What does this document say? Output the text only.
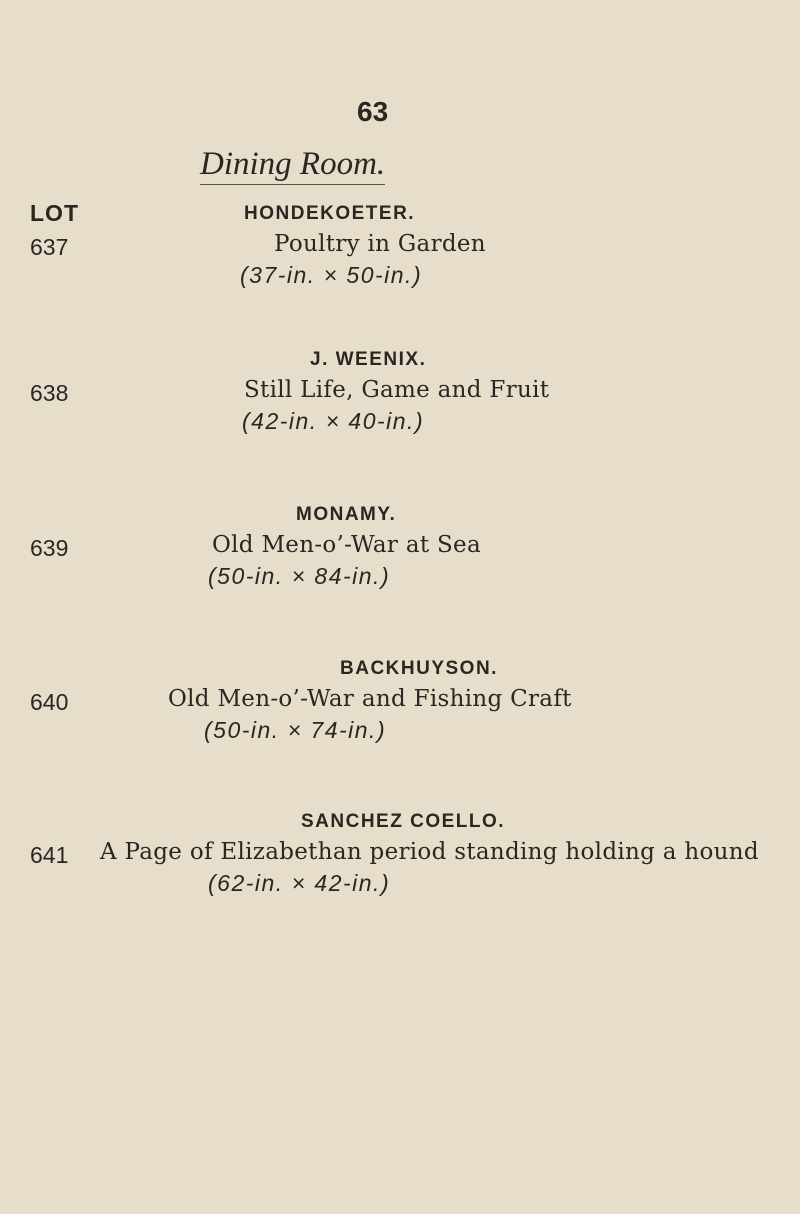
63
Dining Room.
LOT
637
HONDEKOETER.
Poultry in Garden
(37-in. × 50-in.)
638
J. WEENIX.
Still Life, Game and Fruit
(42-in. × 40-in.)
639
MONAMY.
Old Men-o’-War at Sea
(50-in. × 84-in.)
640
BACKHUYSON.
Old Men-o’-War and Fishing Craft
(50-in. × 74-in.)
641
SANCHEZ COELLO.
A Page of Elizabethan period standing holding a hound
(62-in. × 42-in.)
